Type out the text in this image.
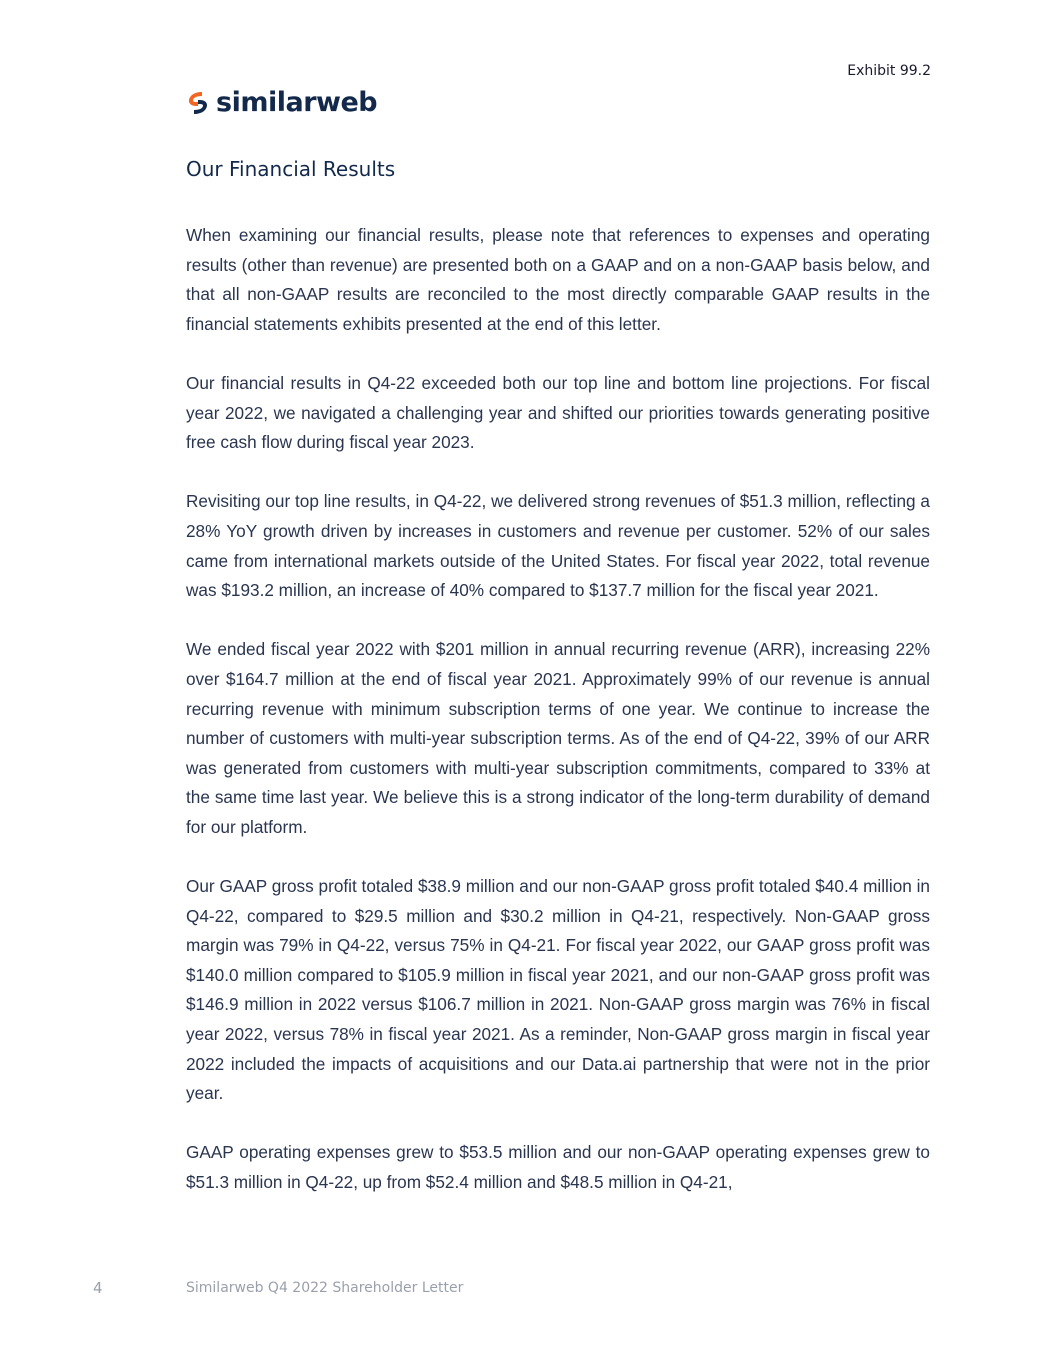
Exhibit 99.2
similarweb
Our Financial Results

When examining our financial results, please note that references to expenses and operating results (other than revenue) are presented both on a GAAP and on a non-GAAP basis below, and that all non-GAAP results are reconciled to the most directly comparable GAAP results in the financial statements exhibits presented at the end of this letter.

Our financial results in Q4-22 exceeded both our top line and bottom line projections. For fiscal year 2022, we navigated a challenging year and shifted our priorities towards generating positive free cash flow during fiscal year 2023.

Revisiting our top line results, in Q4-22, we delivered strong revenues of $51.3 million, reflecting a 28% YoY growth driven by increases in customers and revenue per customer. 52% of our sales came from international markets outside of the United States. For fiscal year 2022, total revenue was $193.2 million, an increase of 40% compared to $137.7 million for the fiscal year 2021.

We ended fiscal year 2022 with $201 million in annual recurring revenue (ARR), increasing 22% over $164.7 million at the end of fiscal year 2021. Approximately 99% of our revenue is annual recurring revenue with minimum subscription terms of one year. We continue to increase the number of customers with multi-year subscription terms. As of the end of Q4-22, 39% of our ARR was generated from customers with multi-year subscription commitments, compared to 33% at the same time last year. We believe this is a strong indicator of the long-term durability of demand for our platform.

Our GAAP gross profit totaled $38.9 million and our non-GAAP gross profit totaled $40.4 million in Q4-22, compared to $29.5 million and $30.2 million in Q4-21, respectively. Non-GAAP gross margin was 79% in Q4-22, versus 75% in Q4-21. For fiscal year 2022, our GAAP gross profit was $140.0 million compared to $105.9 million in fiscal year 2021, and our non-GAAP gross profit was $146.9 million in 2022 versus $106.7 million in 2021. Non-GAAP gross margin was 76% in fiscal year 2022, versus 78% in fiscal year 2021. As a reminder, Non-GAAP gross margin in fiscal year 2022 included the impacts of acquisitions and our Data.ai partnership that were not in the prior year.

GAAP operating expenses grew to $53.5 million and our non-GAAP operating expenses grew to $51.3 million in Q4-22, up from $52.4 million and $48.5 million in Q4-21,

4	Similarweb Q4 2022 Shareholder Letter
